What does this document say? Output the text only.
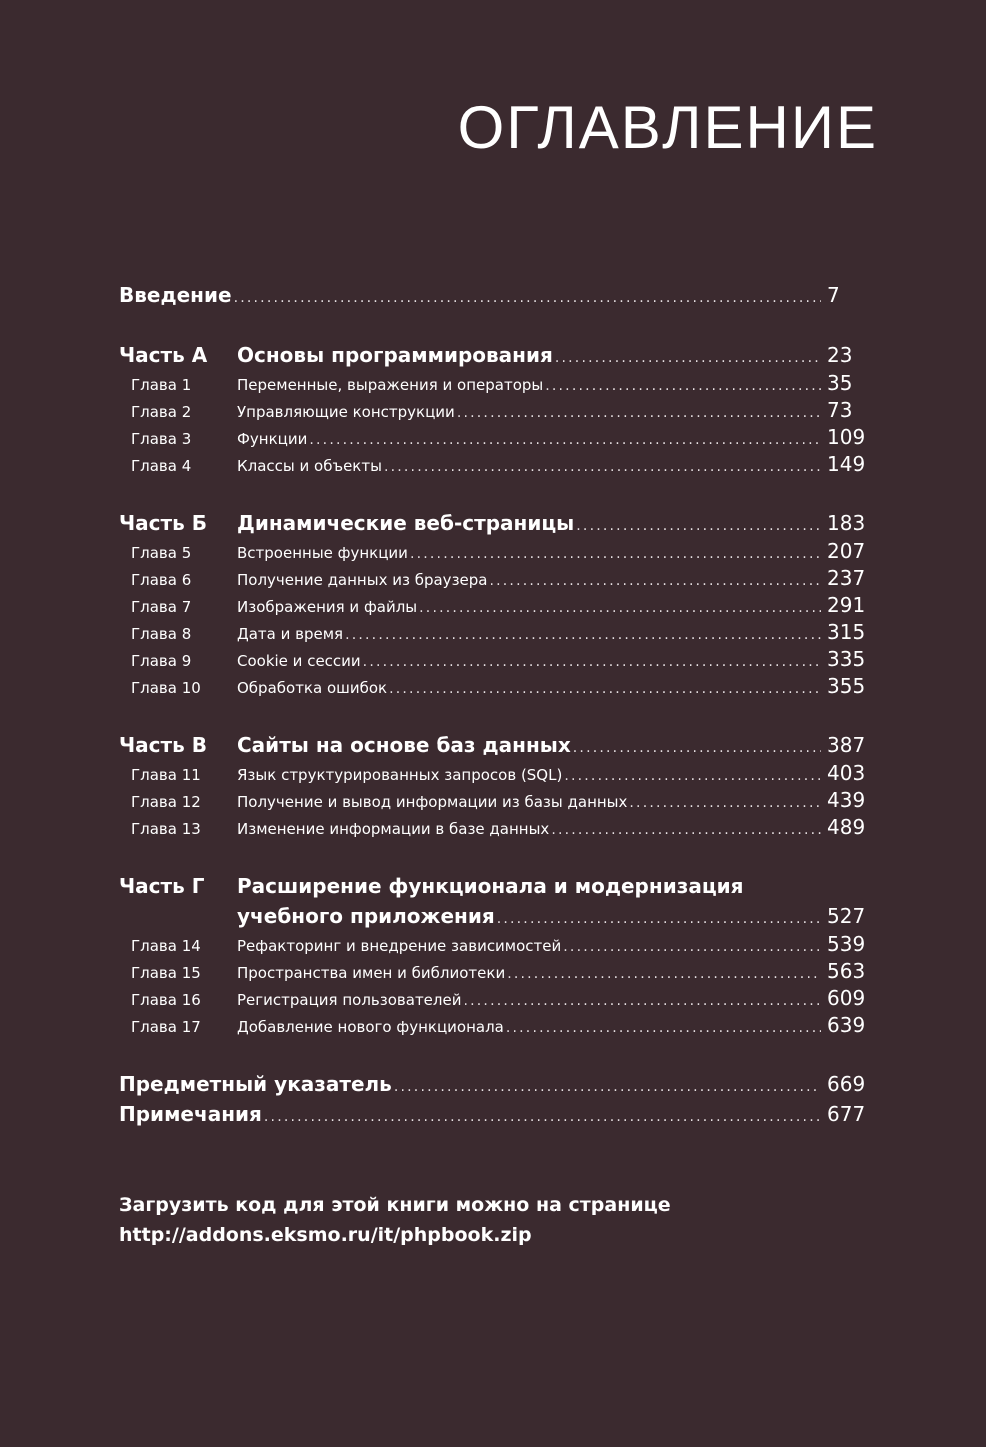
ОГЛАВЛЕНИЕ
Введение .....	7
Часть А	Основы программирования .....	23
Глава 1	Переменные, выражения и операторы .....	35
Глава 2	Управляющие конструкции .....	73
Глава 3	Функции .....	109
Глава 4	Классы и объекты .....	149
Часть Б	Динамические веб-страницы .....	183
Глава 5	Встроенные функции .....	207
Глава 6	Получение данных из браузера .....	237
Глава 7	Изображения и файлы .....	291
Глава 8	Дата и время .....	315
Глава 9	Cookie и сессии .....	335
Глава 10	Обработка ошибок .....	355
Часть В	Сайты на основе баз данных .....	387
Глава 11	Язык структурированных запросов (SQL) .....	403
Глава 12	Получение и вывод информации из базы данных .....	439
Глава 13	Изменение информации в базе данных .....	489
Часть Г	Расширение функционала и модернизация
учебного приложения .....	527
Глава 14	Рефакторинг и внедрение зависимостей .....	539
Глава 15	Пространства имен и библиотеки .....	563
Глава 16	Регистрация пользователей .....	609
Глава 17	Добавление нового функционала .....	639
Предметный указатель .....	669
Примечания .....	677
Загрузить код для этой книги можно на странице
http://addons.eksmo.ru/it/phpbook.zip
